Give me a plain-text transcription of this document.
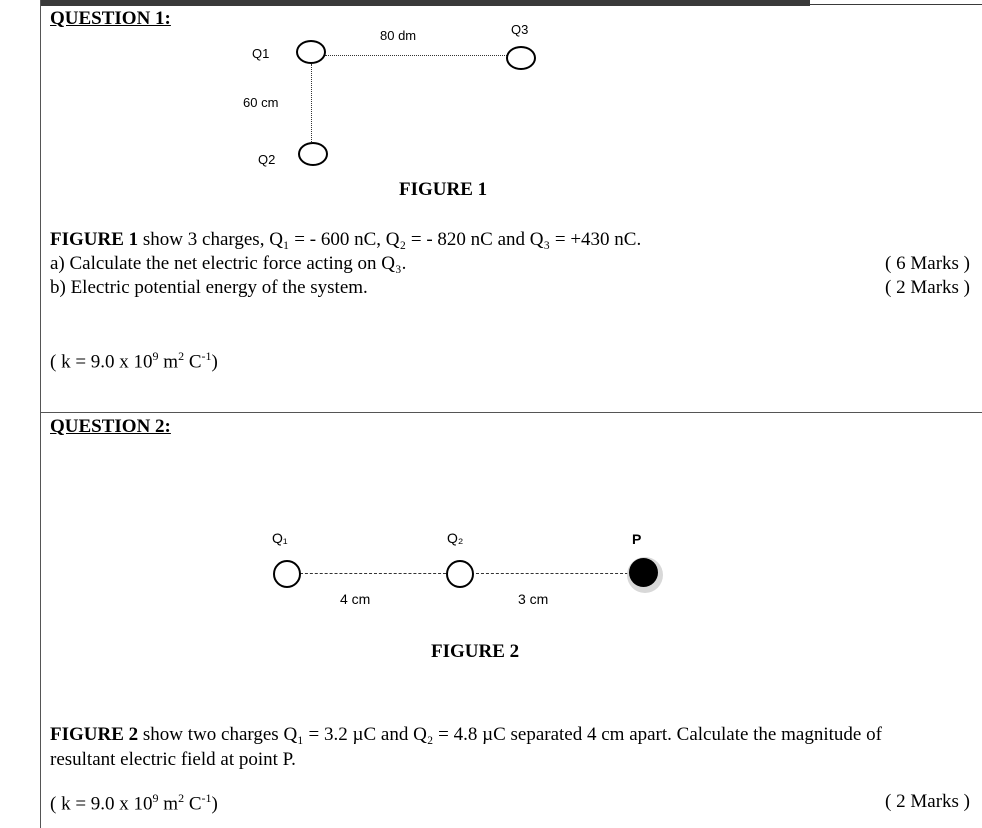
QUESTION 1:
Q1
80 dm	Q3
60 cm
Q2
FIGURE 1
FIGURE 1 show 3 charges, Q₁ = - 600 nC, Q₂ = - 820 nC and Q₃ = +430 nC.
a) Calculate the net electric force acting on Q₃.	( 6 Marks )
b) Electric potential energy of the system.	( 2 Marks )
( k = 9.0 x $10^9$ $m^2$ $C^{-1}$)
QUESTION 2:
Q₁	Q₂	P
4 cm	3 cm
FIGURE 2
FIGURE 2 show two charges Q₁ = 3.2 µC and Q₂ = 4.8 µC separated 4 cm apart. Calculate the magnitude of
resultant electric field at point P.
( k = 9.0 x $10^9$ $m^2$ $C^{-1}$)	( 2 Marks )
